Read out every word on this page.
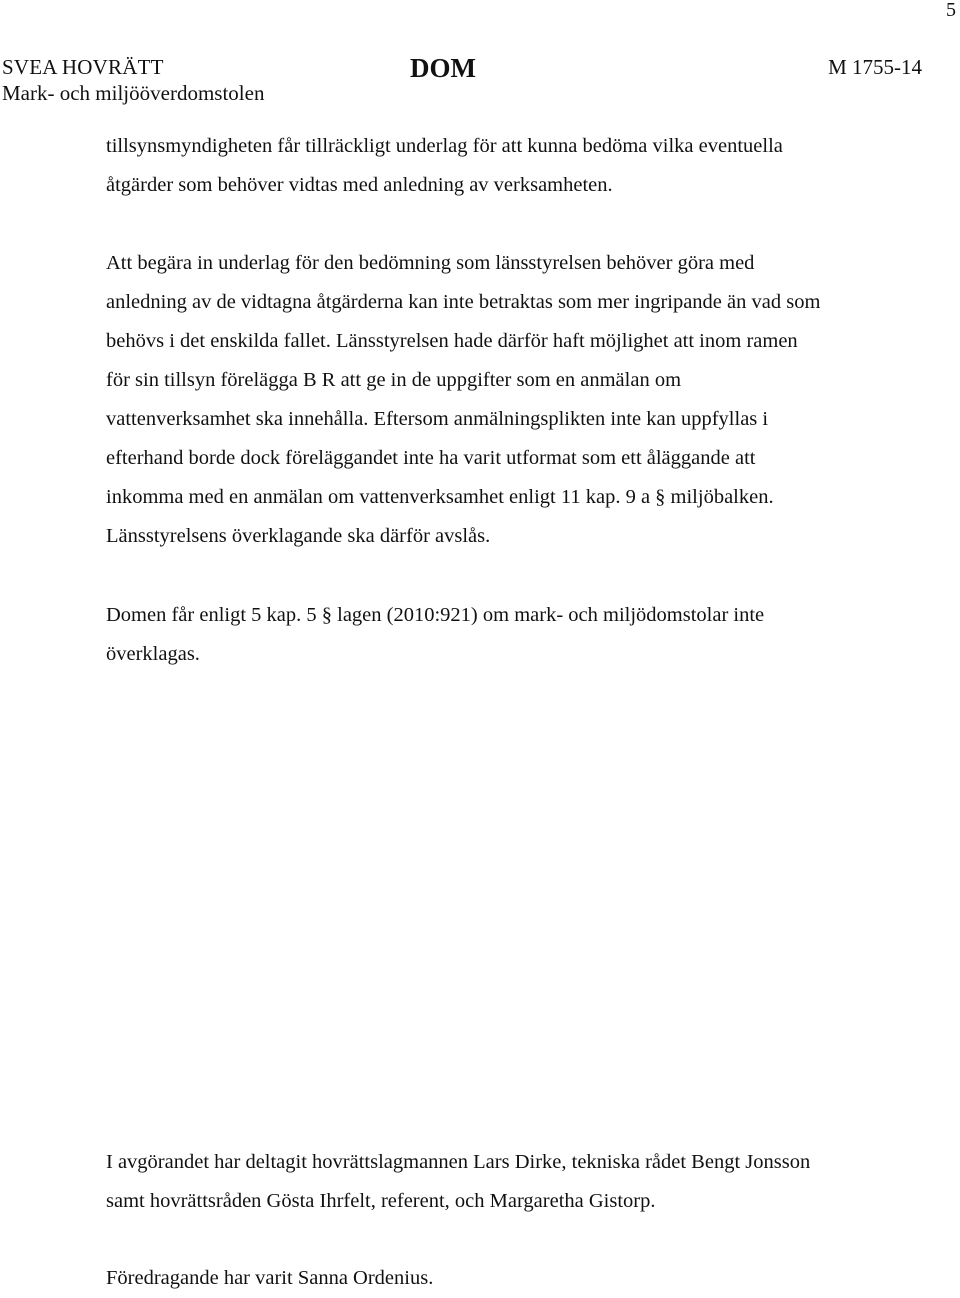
5
SVEA HOVRÄTT
Mark- och miljööverdomstolen
DOM	M 1755-14

tillsynsmyndigheten får tillräckligt underlag för att kunna bedöma vilka eventuella
åtgärder som behöver vidtas med anledning av verksamheten.

Att begära in underlag för den bedömning som länsstyrelsen behöver göra med
anledning av de vidtagna åtgärderna kan inte betraktas som mer ingripande än vad som
behövs i det enskilda fallet. Länsstyrelsen hade därför haft möjlighet att inom ramen
för sin tillsyn förelägga B R att ge in de uppgifter som en anmälan om
vattenverksamhet ska innehålla. Eftersom anmälningsplikten inte kan uppfyllas i
efterhand borde dock föreläggandet inte ha varit utformat som ett åläggande att
inkomma med en anmälan om vattenverksamhet enligt 11 kap. 9 a § miljöbalken.
Länsstyrelsens överklagande ska därför avslås.

Domen får enligt 5 kap. 5 § lagen (2010:921) om mark- och miljödomstolar inte
överklagas.

I avgörandet har deltagit hovrättslagmannen Lars Dirke, tekniska rådet Bengt Jonsson
samt hovrättsråden Gösta Ihrfelt, referent, och Margaretha Gistorp.

Föredragande har varit Sanna Ordenius.
